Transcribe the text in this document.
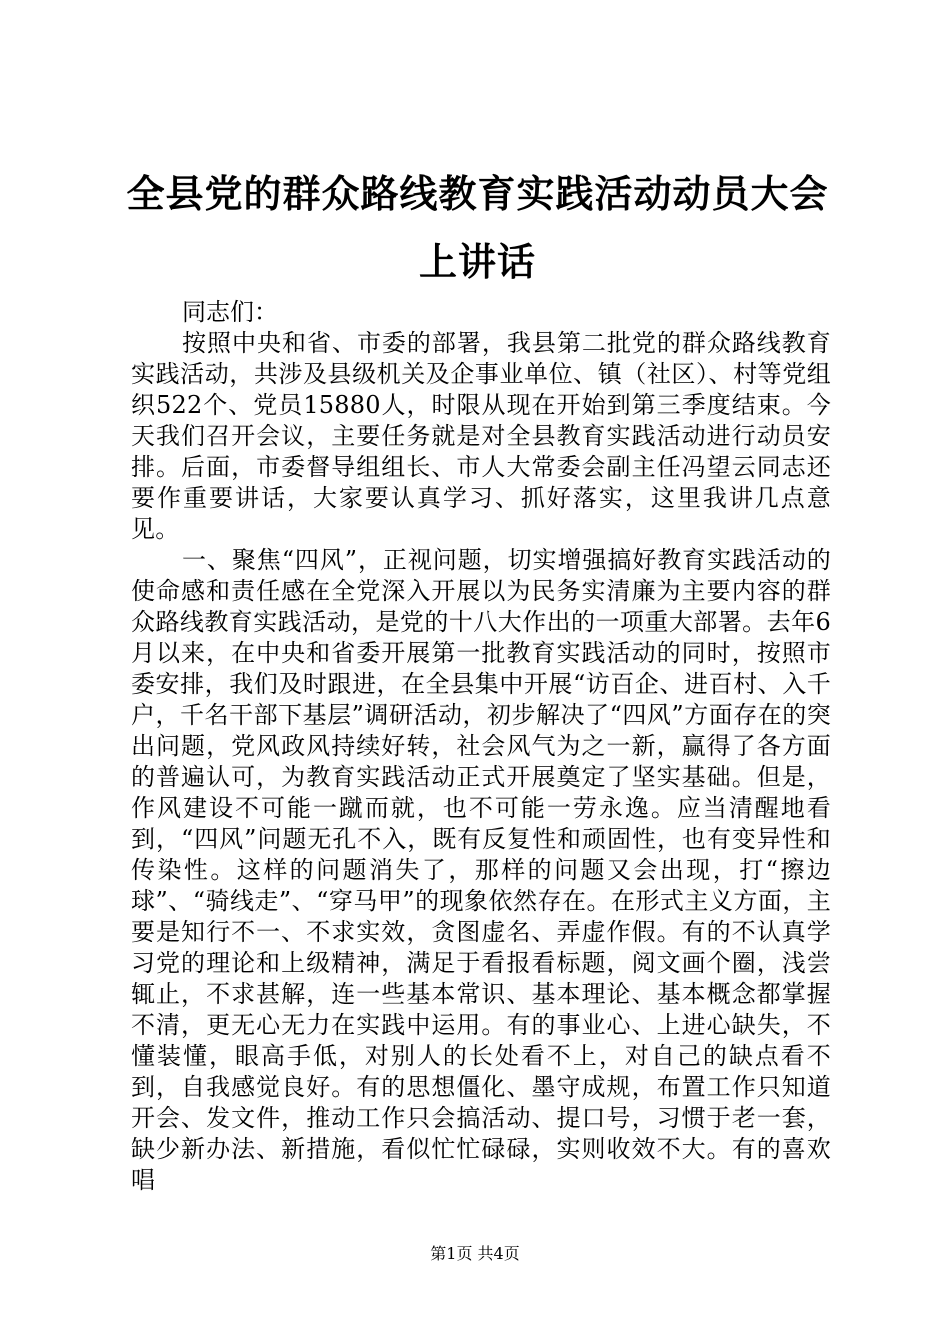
全县党的群众路线教育实践活动动员大会上讲话

同志们：

按照中央和省、市委的部署，我县第二批党的群众路线教育实践活动，共涉及县级机关及企事业单位、镇（社区）、村等党组织522个、党员15880人，时限从现在开始到第三季度结束。今天我们召开会议，主要任务就是对全县教育实践活动进行动员安排。后面，市委督导组组长、市人大常委会副主任冯望云同志还要作重要讲话，大家要认真学习、抓好落实，这里我讲几点意见。

一、聚焦“四风”，正视问题，切实增强搞好教育实践活动的使命感和责任感在全党深入开展以为民务实清廉为主要内容的群众路线教育实践活动，是党的十八大作出的一项重大部署。去年6月以来，在中央和省委开展第一批教育实践活动的同时，按照市委安排，我们及时跟进，在全县集中开展“访百企、进百村、入千户，千名干部下基层”调研活动，初步解决了“四风”方面存在的突出问题，党风政风持续好转，社会风气为之一新，赢得了各方面的普遍认可，为教育实践活动正式开展奠定了坚实基础。但是，作风建设不可能一蹴而就，也不可能一劳永逸。应当清醒地看到，“四风”问题无孔不入，既有反复性和顽固性，也有变异性和传染性。这样的问题消失了，那样的问题又会出现，打“擦边球”、“骑线走”、“穿马甲”的现象依然存在。在形式主义方面，主要是知行不一、不求实效，贪图虚名、弄虚作假。有的不认真学习党的理论和上级精神，满足于看报看标题，阅文画个圈，浅尝辄止，不求甚解，连一些基本常识、基本理论、基本概念都掌握不清，更无心无力在实践中运用。有的事业心、上进心缺失，不懂装懂，眼高手低，对别人的长处看不上，对自己的缺点看不到，自我感觉良好。有的思想僵化、墨守成规，布置工作只知道开会、发文件，推动工作只会搞活动、提口号，习惯于老一套，缺少新办法、新措施，看似忙忙碌碌，实则收效不大。有的喜欢唱

第1页 共4页
